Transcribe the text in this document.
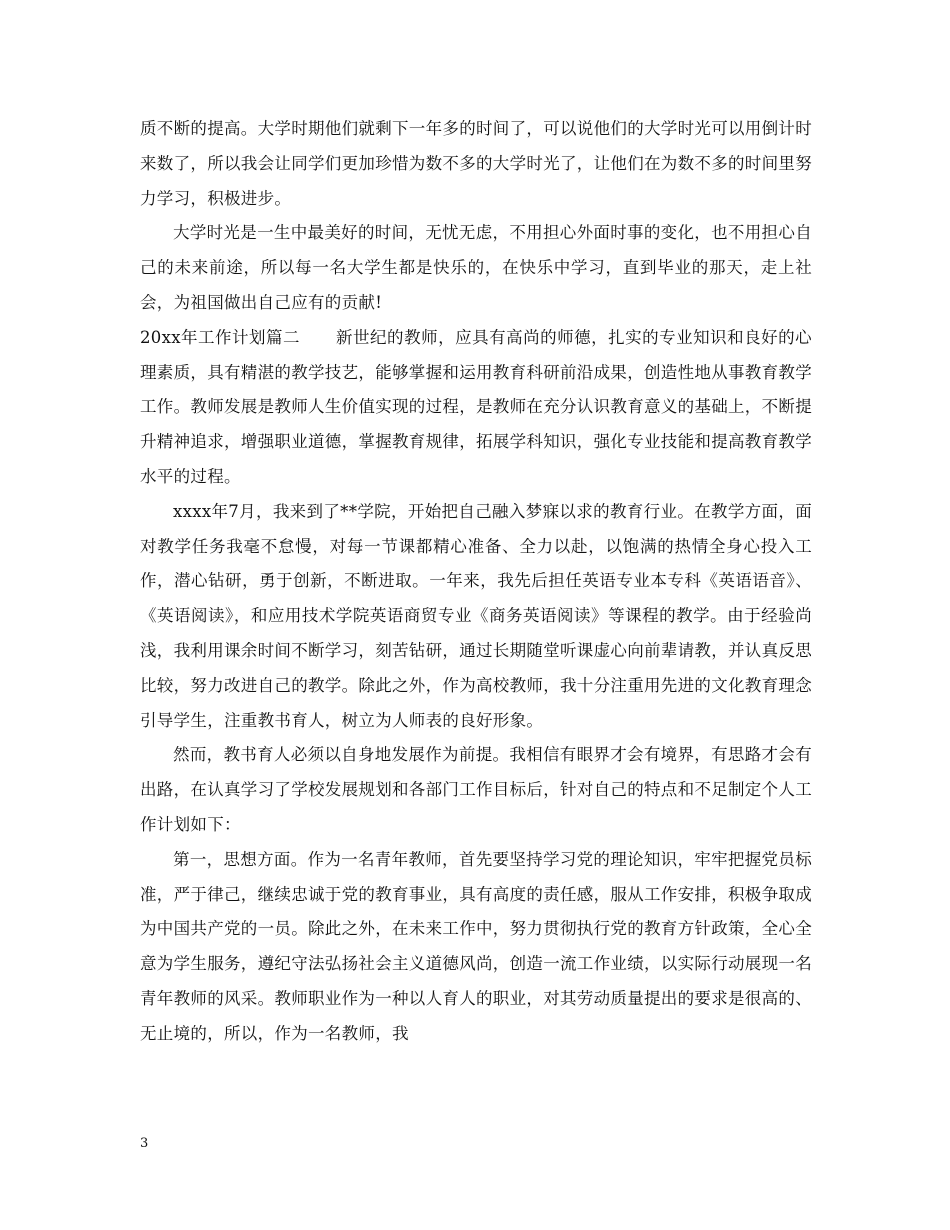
质不断的提高。大学时期他们就剩下一年多的时间了，可以说他们的大学时光可以用倒计时来数了，所以我会让同学们更加珍惜为数不多的大学时光了，让他们在为数不多的时间里努力学习，积极进步。

大学时光是一生中最美好的时间，无忧无虑，不用担心外面时事的变化，也不用担心自己的未来前途，所以每一名大学生都是快乐的，在快乐中学习，直到毕业的那天，走上社会，为祖国做出自己应有的贡献!

20xx年工作计划篇二 新世纪的教师，应具有高尚的师德，扎实的专业知识和良好的心理素质，具有精湛的教学技艺，能够掌握和运用教育科研前沿成果，创造性地从事教育教学工作。教师发展是教师人生价值实现的过程，是教师在充分认识教育意义的基础上，不断提升精神追求，增强职业道德，掌握教育规律，拓展学科知识，强化专业技能和提高教育教学水平的过程。

xxxx年7月，我来到了**学院，开始把自己融入梦寐以求的教育行业。在教学方面，面对教学任务我毫不怠慢，对每一节课都精心准备、全力以赴，以饱满的热情全身心投入工作，潜心钻研，勇于创新，不断进取。一年来，我先后担任英语专业本专科《英语语音》、《英语阅读》，和应用技术学院英语商贸专业《商务英语阅读》等课程的教学。由于经验尚浅，我利用课余时间不断学习，刻苦钻研，通过长期随堂听课虚心向前辈请教，并认真反思比较，努力改进自己的教学。除此之外，作为高校教师，我十分注重用先进的文化教育理念引导学生，注重教书育人，树立为人师表的良好形象。

然而，教书育人必须以自身地发展作为前提。我相信有眼界才会有境界，有思路才会有出路，在认真学习了学校发展规划和各部门工作目标后，针对自己的特点和不足制定个人工作计划如下：

第一，思想方面。作为一名青年教师，首先要坚持学习党的理论知识，牢牢把握党员标准，严于律己，继续忠诚于党的教育事业，具有高度的责任感，服从工作安排，积极争取成为中国共产党的一员。除此之外，在未来工作中，努力贯彻执行党的教育方针政策，全心全意为学生服务，遵纪守法弘扬社会主义道德风尚，创造一流工作业绩，以实际行动展现一名青年教师的风采。教师职业作为一种以人育人的职业，对其劳动质量提出的要求是很高的、无止境的，所以，作为一名教师，我

3
